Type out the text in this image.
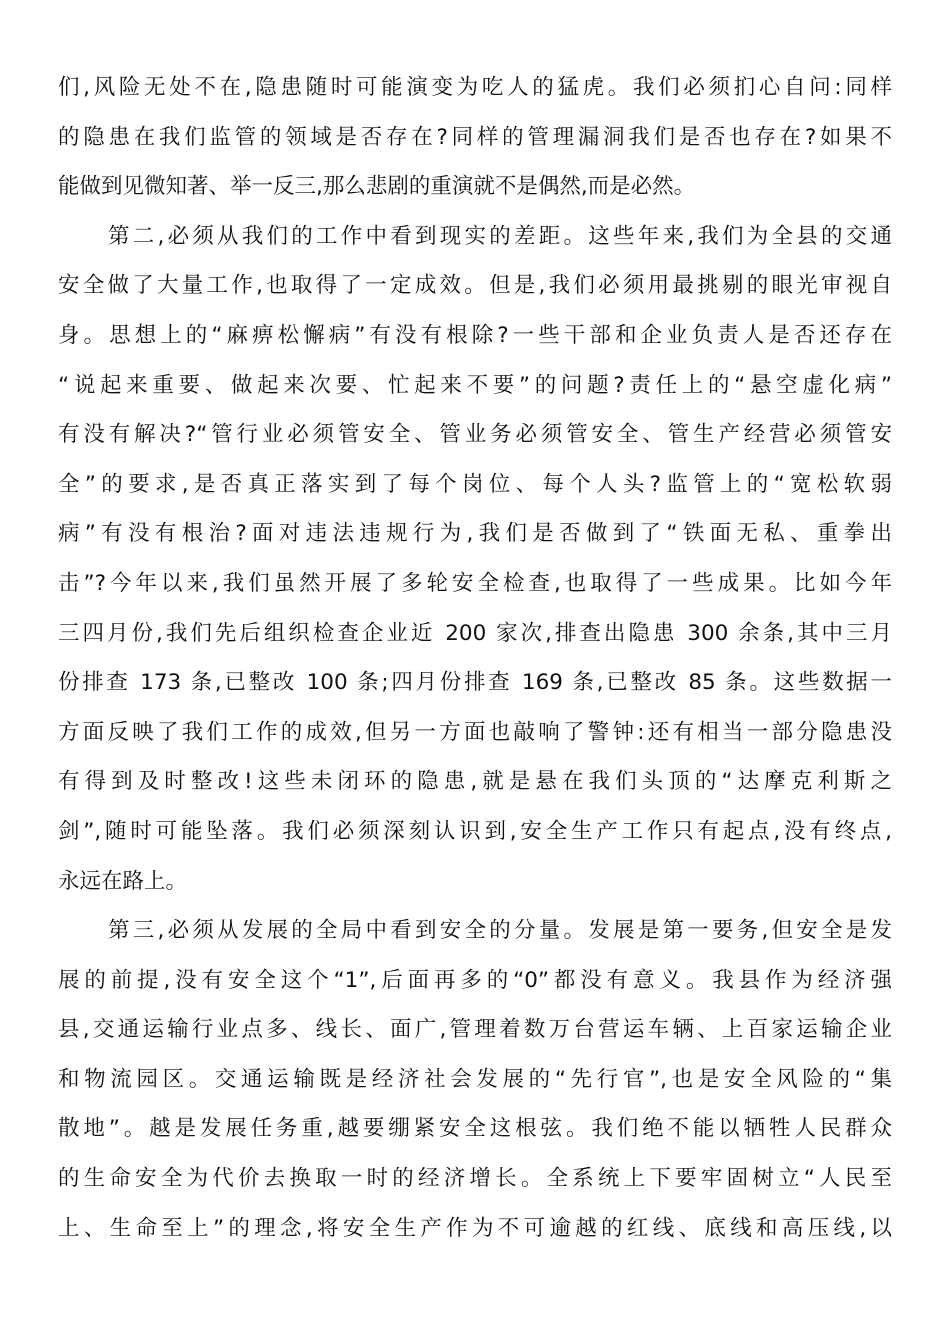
们,风险无处不在,隐患随时可能演变为吃人的猛虎。我们必须扪心自问:同样
的隐患在我们监管的领域是否存在?同样的管理漏洞我们是否也存在?如果不
能做到见微知著、举一反三,那么悲剧的重演就不是偶然,而是必然。
第二,必须从我们的工作中看到现实的差距。这些年来,我们为全县的交通
安全做了大量工作,也取得了一定成效。但是,我们必须用最挑剔的眼光审视自
身。思想上的“麻痹松懈病”有没有根除?一些干部和企业负责人是否还存在
“说起来重要、做起来次要、忙起来不要”的问题?责任上的“悬空虚化病”
有没有解决?“管行业必须管安全、管业务必须管安全、管生产经营必须管安
全”的要求,是否真正落实到了每个岗位、每个人头?监管上的“宽松软弱
病”有没有根治?面对违法违规行为,我们是否做到了“铁面无私、重拳出
击”?今年以来,我们虽然开展了多轮安全检查,也取得了一些成果。比如今年
三四月份,我们先后组织检查企业近 200 家次,排查出隐患 300 余条,其中三月
份排查 173 条,已整改 100 条;四月份排查 169 条,已整改 85 条。这些数据一
方面反映了我们工作的成效,但另一方面也敲响了警钟:还有相当一部分隐患没
有得到及时整改!这些未闭环的隐患,就是悬在我们头顶的“达摩克利斯之
剑”,随时可能坠落。我们必须深刻认识到,安全生产工作只有起点,没有终点,
永远在路上。
第三,必须从发展的全局中看到安全的分量。发展是第一要务,但安全是发
展的前提,没有安全这个“1”,后面再多的“0”都没有意义。我县作为经济强
县,交通运输行业点多、线长、面广,管理着数万台营运车辆、上百家运输企业
和物流园区。交通运输既是经济社会发展的“先行官”,也是安全风险的“集
散地”。越是发展任务重,越要绷紧安全这根弦。我们绝不能以牺牲人民群众
的生命安全为代价去换取一时的经济增长。全系统上下要牢固树立“人民至
上、生命至上”的理念,将安全生产作为不可逾越的红线、底线和高压线,以
